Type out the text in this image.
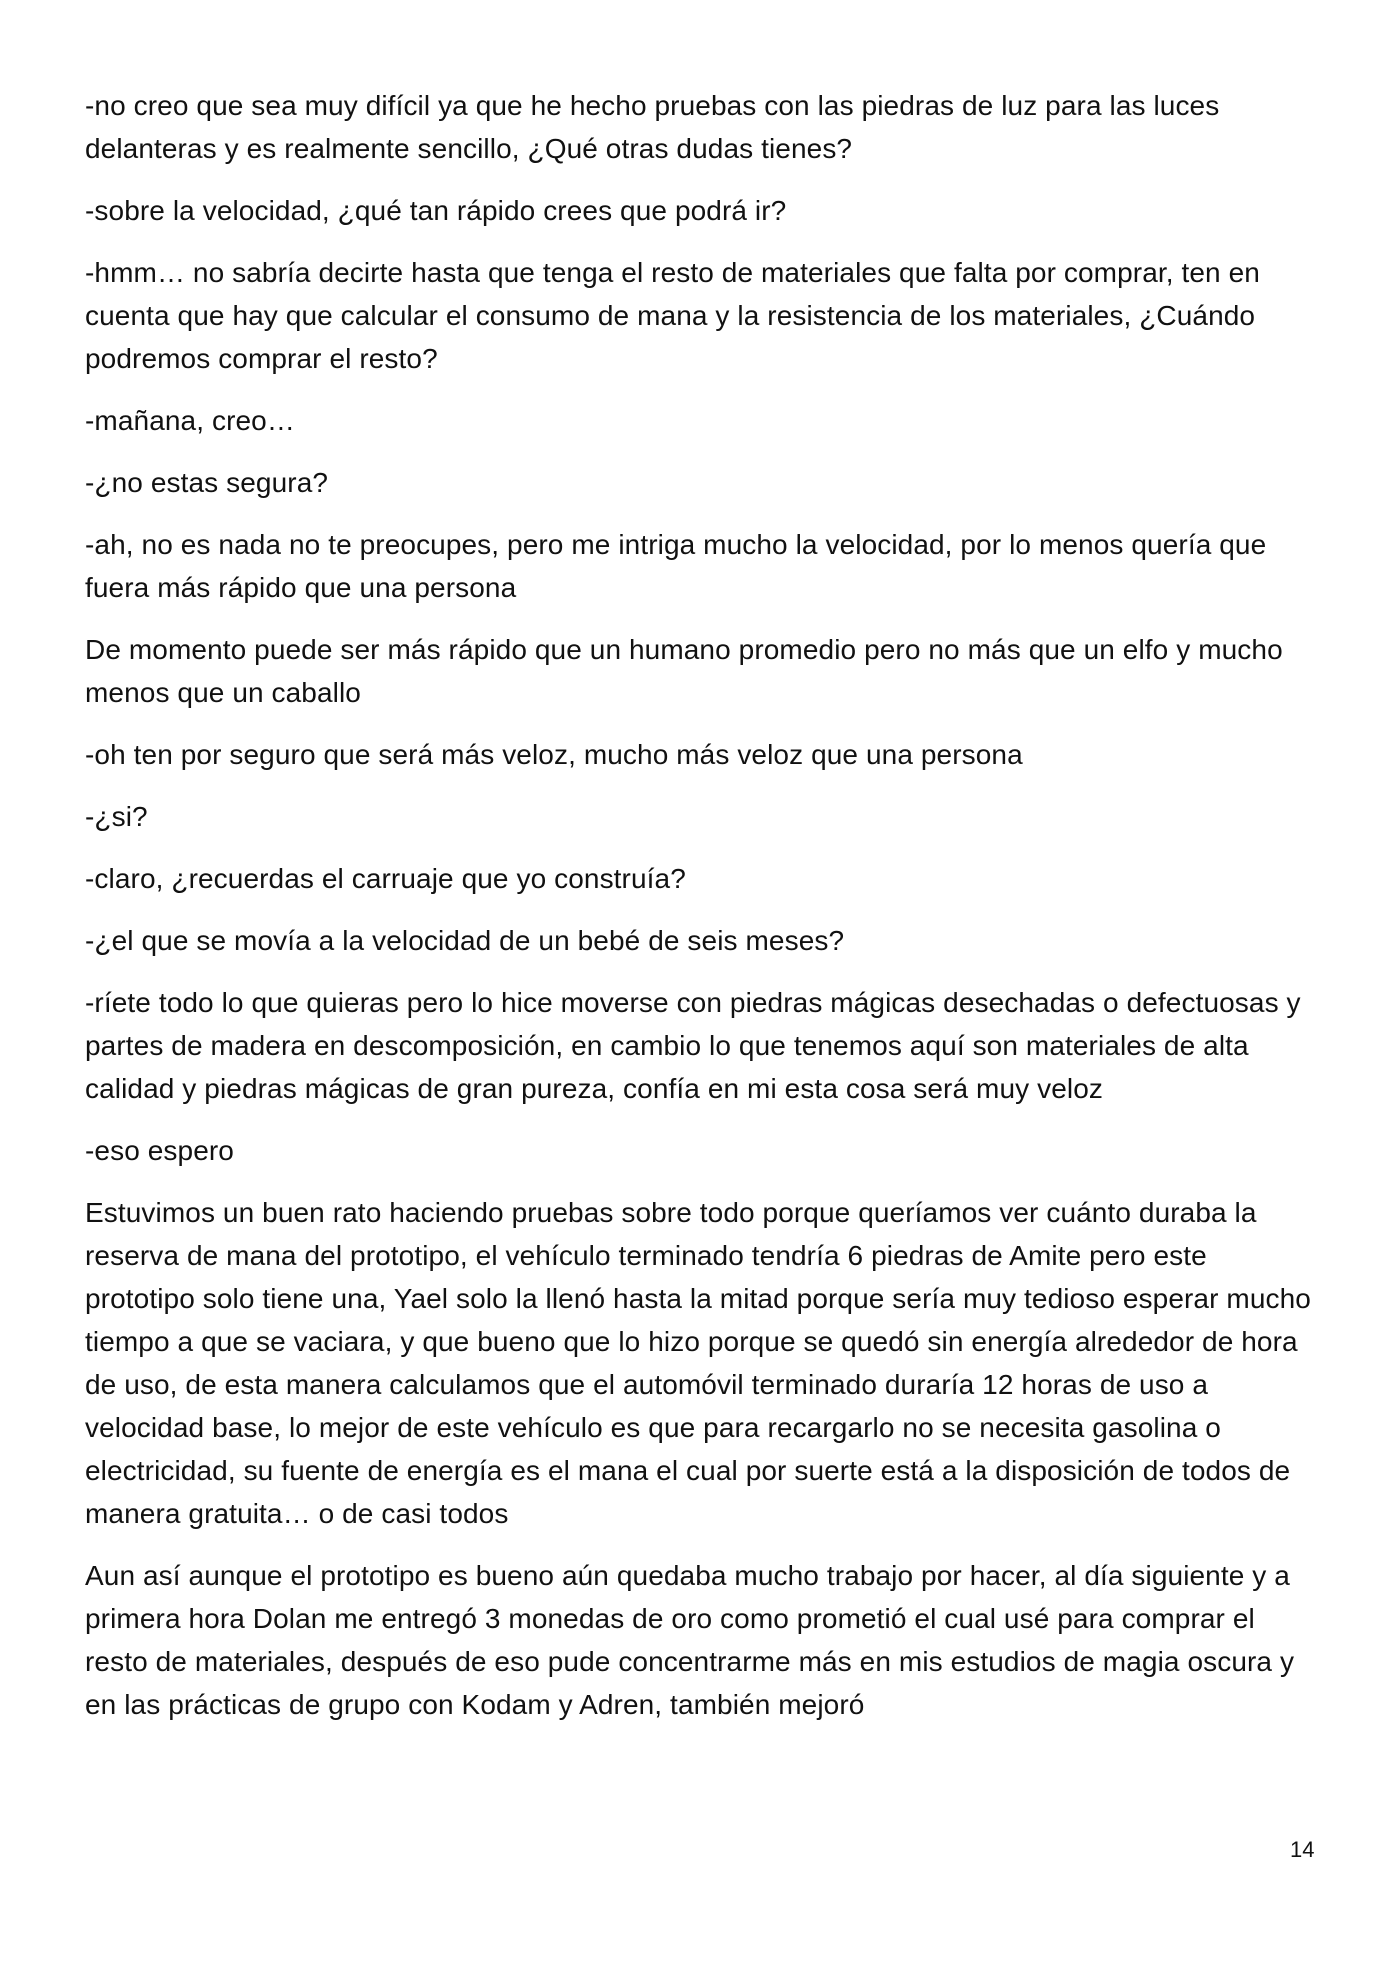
-no creo que sea muy difícil ya que he hecho pruebas con las piedras de luz para las luces delanteras y es realmente sencillo, ¿Qué otras dudas tienes?

-sobre la velocidad, ¿qué tan rápido crees que podrá ir?

-hmm… no sabría decirte hasta que tenga el resto de materiales que falta por comprar, ten en cuenta que hay que calcular el consumo de mana y la resistencia de los materiales, ¿Cuándo podremos comprar el resto?

-mañana, creo…

-¿no estas segura?

-ah, no es nada no te preocupes, pero me intriga mucho la velocidad, por lo menos quería que fuera más rápido que una persona

De momento puede ser más rápido que un humano promedio pero no más que un elfo y mucho menos que un caballo

-oh ten por seguro que será más veloz, mucho más veloz que una persona

-¿si?

-claro, ¿recuerdas el carruaje que yo construía?

-¿el que se movía a la velocidad de un bebé de seis meses?

-ríete todo lo que quieras pero lo hice moverse con piedras mágicas desechadas o defectuosas y partes de madera en descomposición, en cambio lo que tenemos aquí son materiales de alta calidad y piedras mágicas de gran pureza, confía en mi esta cosa será muy veloz

-eso espero

Estuvimos un buen rato haciendo pruebas sobre todo porque queríamos ver cuánto duraba la reserva de mana del prototipo, el vehículo terminado tendría 6 piedras de Amite pero este prototipo solo tiene una, Yael solo la llenó hasta la mitad porque sería muy tedioso esperar mucho tiempo a que se vaciara, y que bueno que lo hizo porque se quedó sin energía alrededor de hora de uso, de esta manera calculamos que el automóvil terminado duraría 12 horas de uso a velocidad base, lo mejor de este vehículo es que para recargarlo no se necesita gasolina o electricidad, su fuente de energía es el mana el cual por suerte está a la disposición de todos de manera gratuita… o de casi todos

Aun así aunque el prototipo es bueno aún quedaba mucho trabajo por hacer, al día siguiente y a primera hora Dolan me entregó 3 monedas de oro como prometió el cual usé para comprar el resto de materiales, después de eso pude concentrarme más en mis estudios de magia oscura y en las prácticas de grupo con Kodam y Adren, también mejoró

14
